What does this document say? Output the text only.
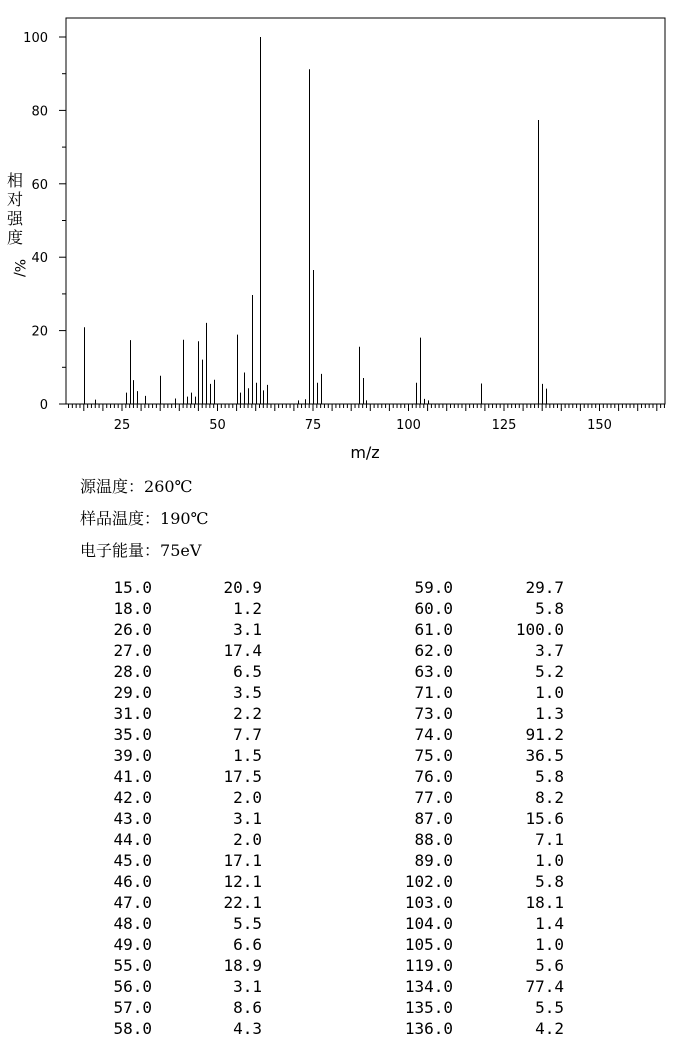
25	50	75	100	125	150
m/z
0
20
40
60
80
100
相
对
强
度
%/
源温度：260℃
样品温度：190℃
电子能量：75eV
15.0	20.9	59.0	29.7
18.0	1.2	60.0	5.8
26.0	3.1	61.0	100.0
27.0	17.4	62.0	3.7
28.0	6.5	63.0	5.2
29.0	3.5	71.0	1.0
31.0	2.2	73.0	1.3
35.0	7.7	74.0	91.2
39.0	1.5	75.0	36.5
41.0	17.5	76.0	5.8
42.0	2.0	77.0	8.2
43.0	3.1	87.0	15.6
44.0	2.0	88.0	7.1
45.0	17.1	89.0	1.0
46.0	12.1	102.0	5.8
47.0	22.1	103.0	18.1
48.0	5.5	104.0	1.4
49.0	6.6	105.0	1.0
55.0	18.9	119.0	5.6
56.0	3.1	134.0	77.4
57.0	8.6	135.0	5.5
58.0	4.3	136.0	4.2
